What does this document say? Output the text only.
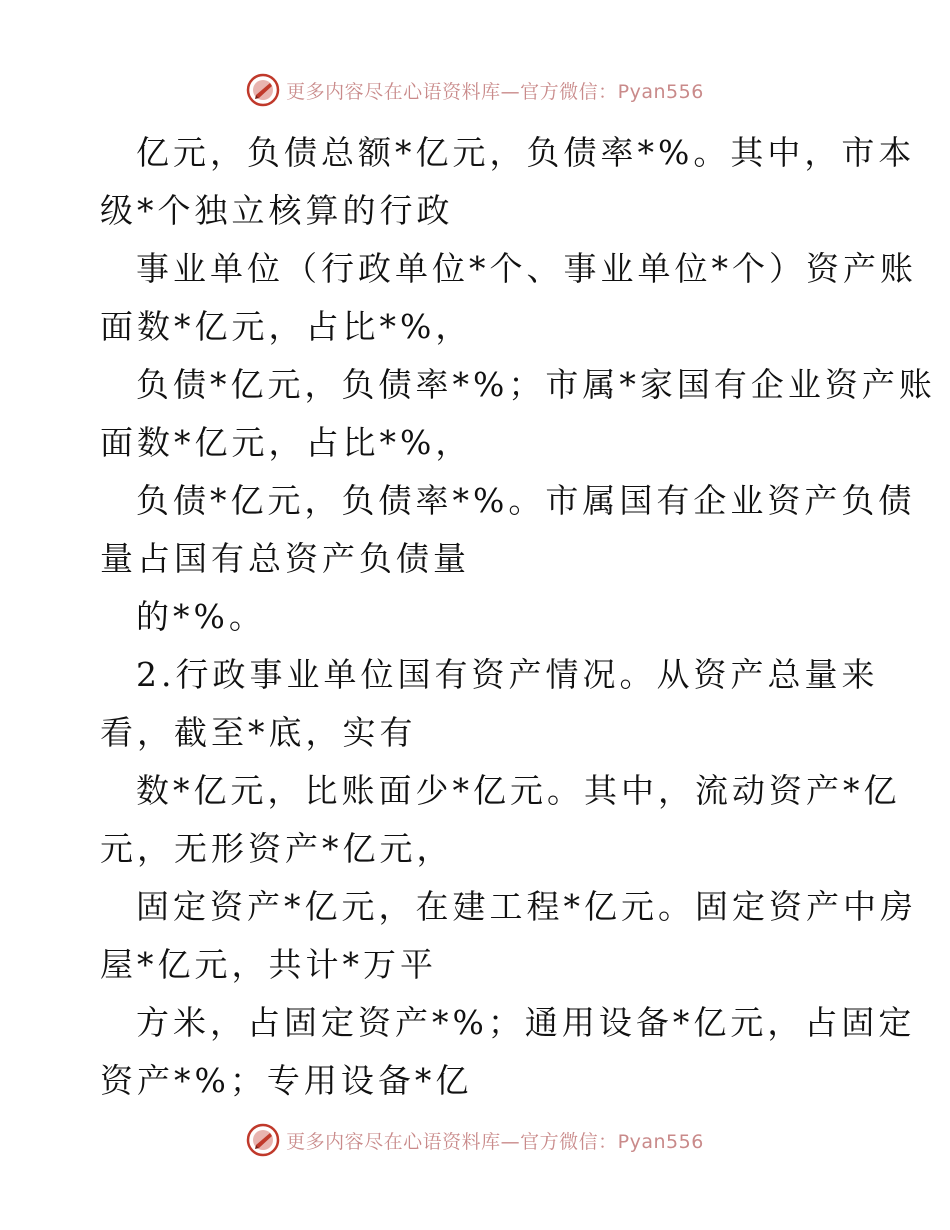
更多内容尽在心语资料库—官方微信：Pyan556
亿元，负债总额*亿元，负债率*%。其中，市本
级*个独立核算的行政
事业单位（行政单位*个、事业单位*个）资产账
面数*亿元，占比*%，
负债*亿元，负债率*%；市属*家国有企业资产账
面数*亿元，占比*%，
负债*亿元，负债率*%。市属国有企业资产负债
量占国有总资产负债量
的*%。
2.行政事业单位国有资产情况。从资产总量来
看，截至*底，实有
数*亿元，比账面少*亿元。其中，流动资产*亿
元，无形资产*亿元，
固定资产*亿元，在建工程*亿元。固定资产中房
屋*亿元，共计*万平
方米，占固定资产*%；通用设备*亿元，占固定
资产*%；专用设备*亿
更多内容尽在心语资料库—官方微信：Pyan556
